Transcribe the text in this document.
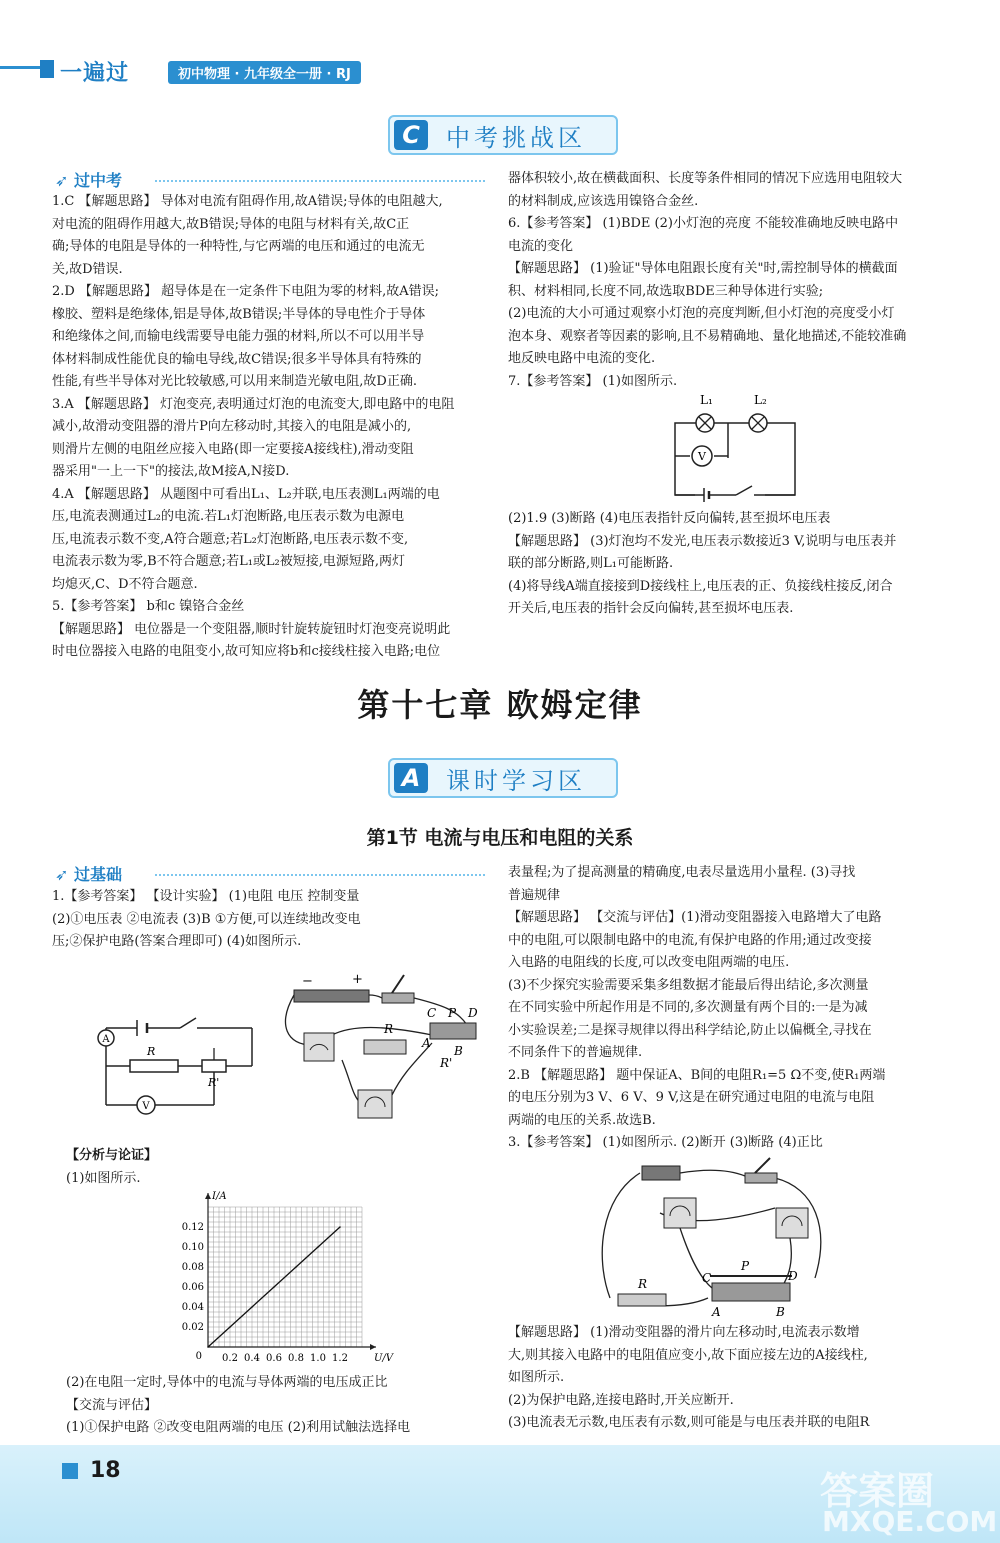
一遍过	初中物理 · 九年级全一册 · RJ
C	中考挑战区
➶ 过中考

1.C 【解题思路】 导体对电流有阻碍作用,故A错误;导体的电阻越大,

对电流的阻碍作用越大,故B错误;导体的电阻与材料有关,故C正

确;导体的电阻是导体的一种特性,与它两端的电压和通过的电流无

关,故D错误.

2.D 【解题思路】 超导体是在一定条件下电阻为零的材料,故A错误;

橡胶、塑料是绝缘体,铝是导体,故B错误;半导体的导电性介于导体

和绝缘体之间,而输电线需要导电能力强的材料,所以不可以用半导

体材料制成性能优良的输电导线,故C错误;很多半导体具有特殊的

性能,有些半导体对光比较敏感,可以用来制造光敏电阻,故D正确.

3.A 【解题思路】 灯泡变亮,表明通过灯泡的电流变大,即电路中的电阻

减小,故滑动变阻器的滑片P向左移动时,其接入的电阻是减小的,

则滑片左侧的电阻丝应接入电路(即一定要接A接线柱),滑动变阻

器采用"一上一下"的接法,故M接A,N接D.

4.A 【解题思路】 从题图中可看出L₁、L₂并联,电压表测L₁两端的电

压,电流表测通过L₂的电流.若L₁灯泡断路,电压表示数为电源电

压,电流表示数不变,A符合题意;若L₂灯泡断路,电压表示数不变,

电流表示数为零,B不符合题意;若L₁或L₂被短接,电源短路,两灯

均熄灭,C、D不符合题意.

5.【参考答案】 b和c 镍铬合金丝

【解题思路】 电位器是一个变阻器,顺时针旋转旋钮时灯泡变亮说明此

时电位器接入电路的电阻变小,故可知应将b和c接线柱接入电路;电位

器体积较小,故在横截面积、长度等条件相同的情况下应选用电阻较大

的材料制成,应该选用镍铬合金丝.

6.【参考答案】 (1)BDE (2)小灯泡的亮度 不能较准确地反映电路中

电流的变化

【解题思路】 (1)验证"导体电阻跟长度有关"时,需控制导体的横截面

积、材料相同,长度不同,故选取BDE三种导体进行实验;

(2)电流的大小可通过观察小灯泡的亮度判断,但小灯泡的亮度受小灯

泡本身、观察者等因素的影响,且不易精确地、量化地描述,不能较准确

地反映电路中电流的变化.

7.【参考答案】 (1)如图所示.

V
L₁	L₂

(2)1.9 (3)断路 (4)电压表指针反向偏转,甚至损坏电压表

【解题思路】 (3)灯泡均不发光,电压表示数接近3 V,说明与电压表并

联的部分断路,则L₁可能断路.

(4)将导线A端直接接到D接线柱上,电压表的正、负接线柱接反,闭合

开关后,电压表的指针会反向偏转,甚至损坏电压表.

第十七章 欧姆定律
A	课时学习区
第1节 电流与电压和电阻的关系
➶ 过基础

1.【参考答案】 【设计实验】 (1)电阻 电压 控制变量

(2)①电压表 ②电流表 (3)B ①方便,可以连续地改变电

压;②保护电路(答案合理即可) (4)如图所示.

A
R
R'
V
−	+
R
C P D
A
B
R'
【分析与论证】
(1)如图所示.
0.2 0.4 0.6 0.8 1.0 1.2
0.02
0.04
0.06
0.08
0.10
0.12
0	U/V
I/A

(2)在电阻一定时,导体中的电流与导体两端的电压成正比

【交流与评估】

(1)①保护电路 ②改变电阻两端的电压 (2)利用试触法选择电

表量程;为了提高测量的精确度,电表尽量选用小量程. (3)寻找

普遍规律

【解题思路】 【交流与评估】(1)滑动变阻器接入电路增大了电路

中的电阻,可以限制电路中的电流,有保护电路的作用;通过改变接

入电路的电阻线的长度,可以改变电阻两端的电压.

(3)不少探究实验需要采集多组数据才能最后得出结论,多次测量

在不同实验中所起作用是不同的,多次测量有两个目的:一是为减

小实验误差;二是探寻规律以得出科学结论,防止以偏概全,寻找在

不同条件下的普遍规律.

2.B 【解题思路】 题中保证A、B间的电阻R₁=5 Ω不变,使R₁两端

的电压分别为3 V、6 V、9 V,这是在研究通过电阻的电流与电阻

两端的电压的关系.故选B.

3.【参考答案】 (1)如图所示. (2)断开 (3)断路 (4)正比

R
P
C	D
A	B

【解题思路】 (1)滑动变阻器的滑片向左移动时,电流表示数增

大,则其接入电路中的电阻值应变小,故下面应接左边的A接线柱,

如图所示.

(2)为保护电路,连接电路时,开关应断开.

(3)电流表无示数,电压表有示数,则可能是与电压表并联的电阻R

18	答案圈
MXQE.COM
